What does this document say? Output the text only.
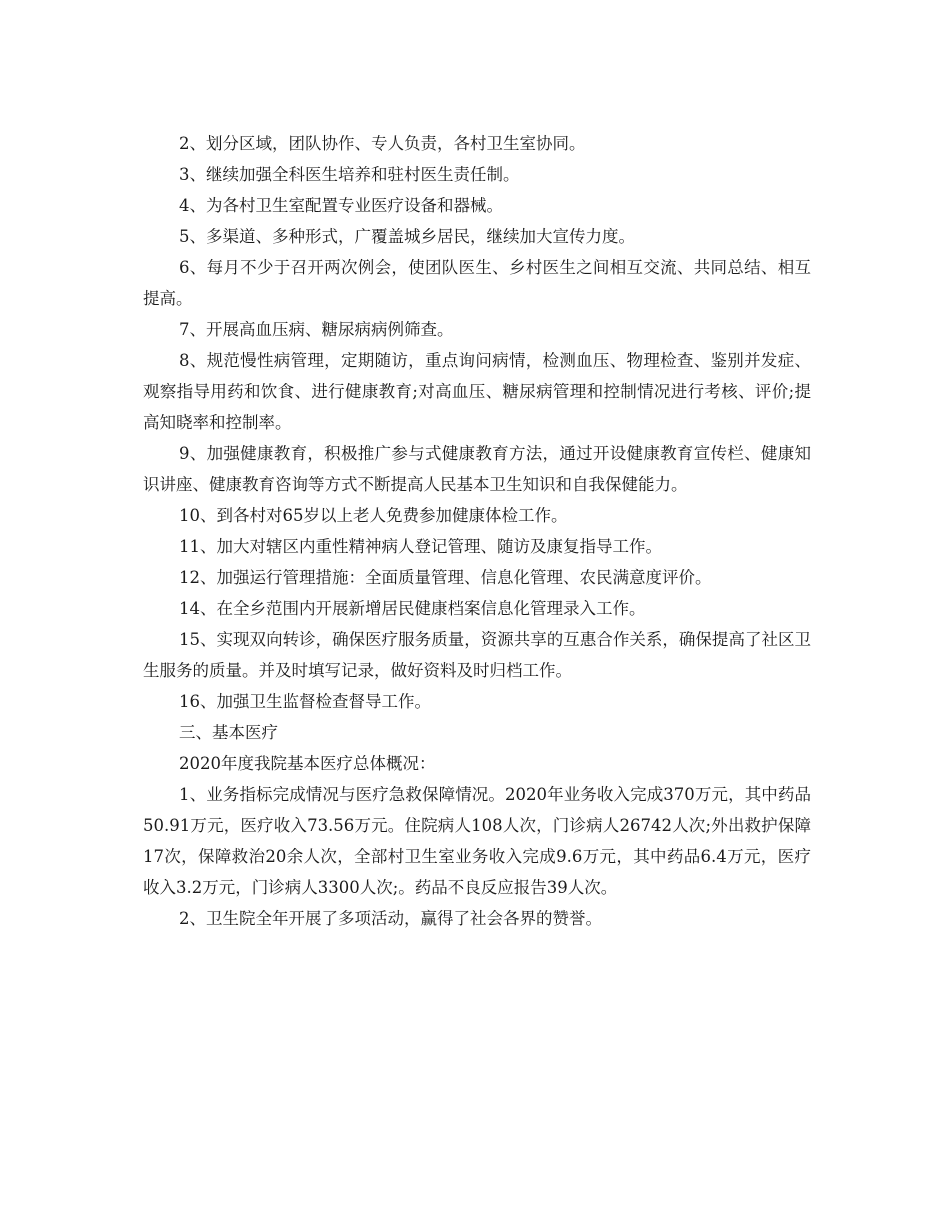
2、划分区域，团队协作、专人负责，各村卫生室协同。

3、继续加强全科医生培养和驻村医生责任制。

4、为各村卫生室配置专业医疗设备和器械。

5、多渠道、多种形式，广覆盖城乡居民，继续加大宣传力度。

6、每月不少于召开两次例会，使团队医生、乡村医生之间相互交流、共同总结、相互提高。

7、开展高血压病、糖尿病病例筛查。

8、规范慢性病管理，定期随访，重点询问病情，检测血压、物理检查、鉴别并发症、观察指导用药和饮食、进行健康教育;对高血压、糖尿病管理和控制情况进行考核、评价;提高知晓率和控制率。

9、加强健康教育，积极推广参与式健康教育方法，通过开设健康教育宣传栏、健康知识讲座、健康教育咨询等方式不断提高人民基本卫生知识和自我保健能力。

10、到各村对65岁以上老人免费参加健康体检工作。

11、加大对辖区内重性精神病人登记管理、随访及康复指导工作。

12、加强运行管理措施：全面质量管理、信息化管理、农民满意度评价。

14、在全乡范围内开展新增居民健康档案信息化管理录入工作。

15、实现双向转诊，确保医疗服务质量，资源共享的互惠合作关系，确保提高了社区卫生服务的质量。并及时填写记录，做好资料及时归档工作。

16、加强卫生监督检查督导工作。

三、基本医疗

2020年度我院基本医疗总体概况：

1、业务指标完成情况与医疗急救保障情况。2020年业务收入完成370万元，其中药品50.91万元，医疗收入73.56万元。住院病人108人次，门诊病人26742人次;外出救护保障17次，保障救治20余人次，全部村卫生室业务收入完成9.6万元，其中药品6.4万元，医疗收入3.2万元，门诊病人3300人次;。药品不良反应报告39人次。

2、卫生院全年开展了多项活动，赢得了社会各界的赞誉。
